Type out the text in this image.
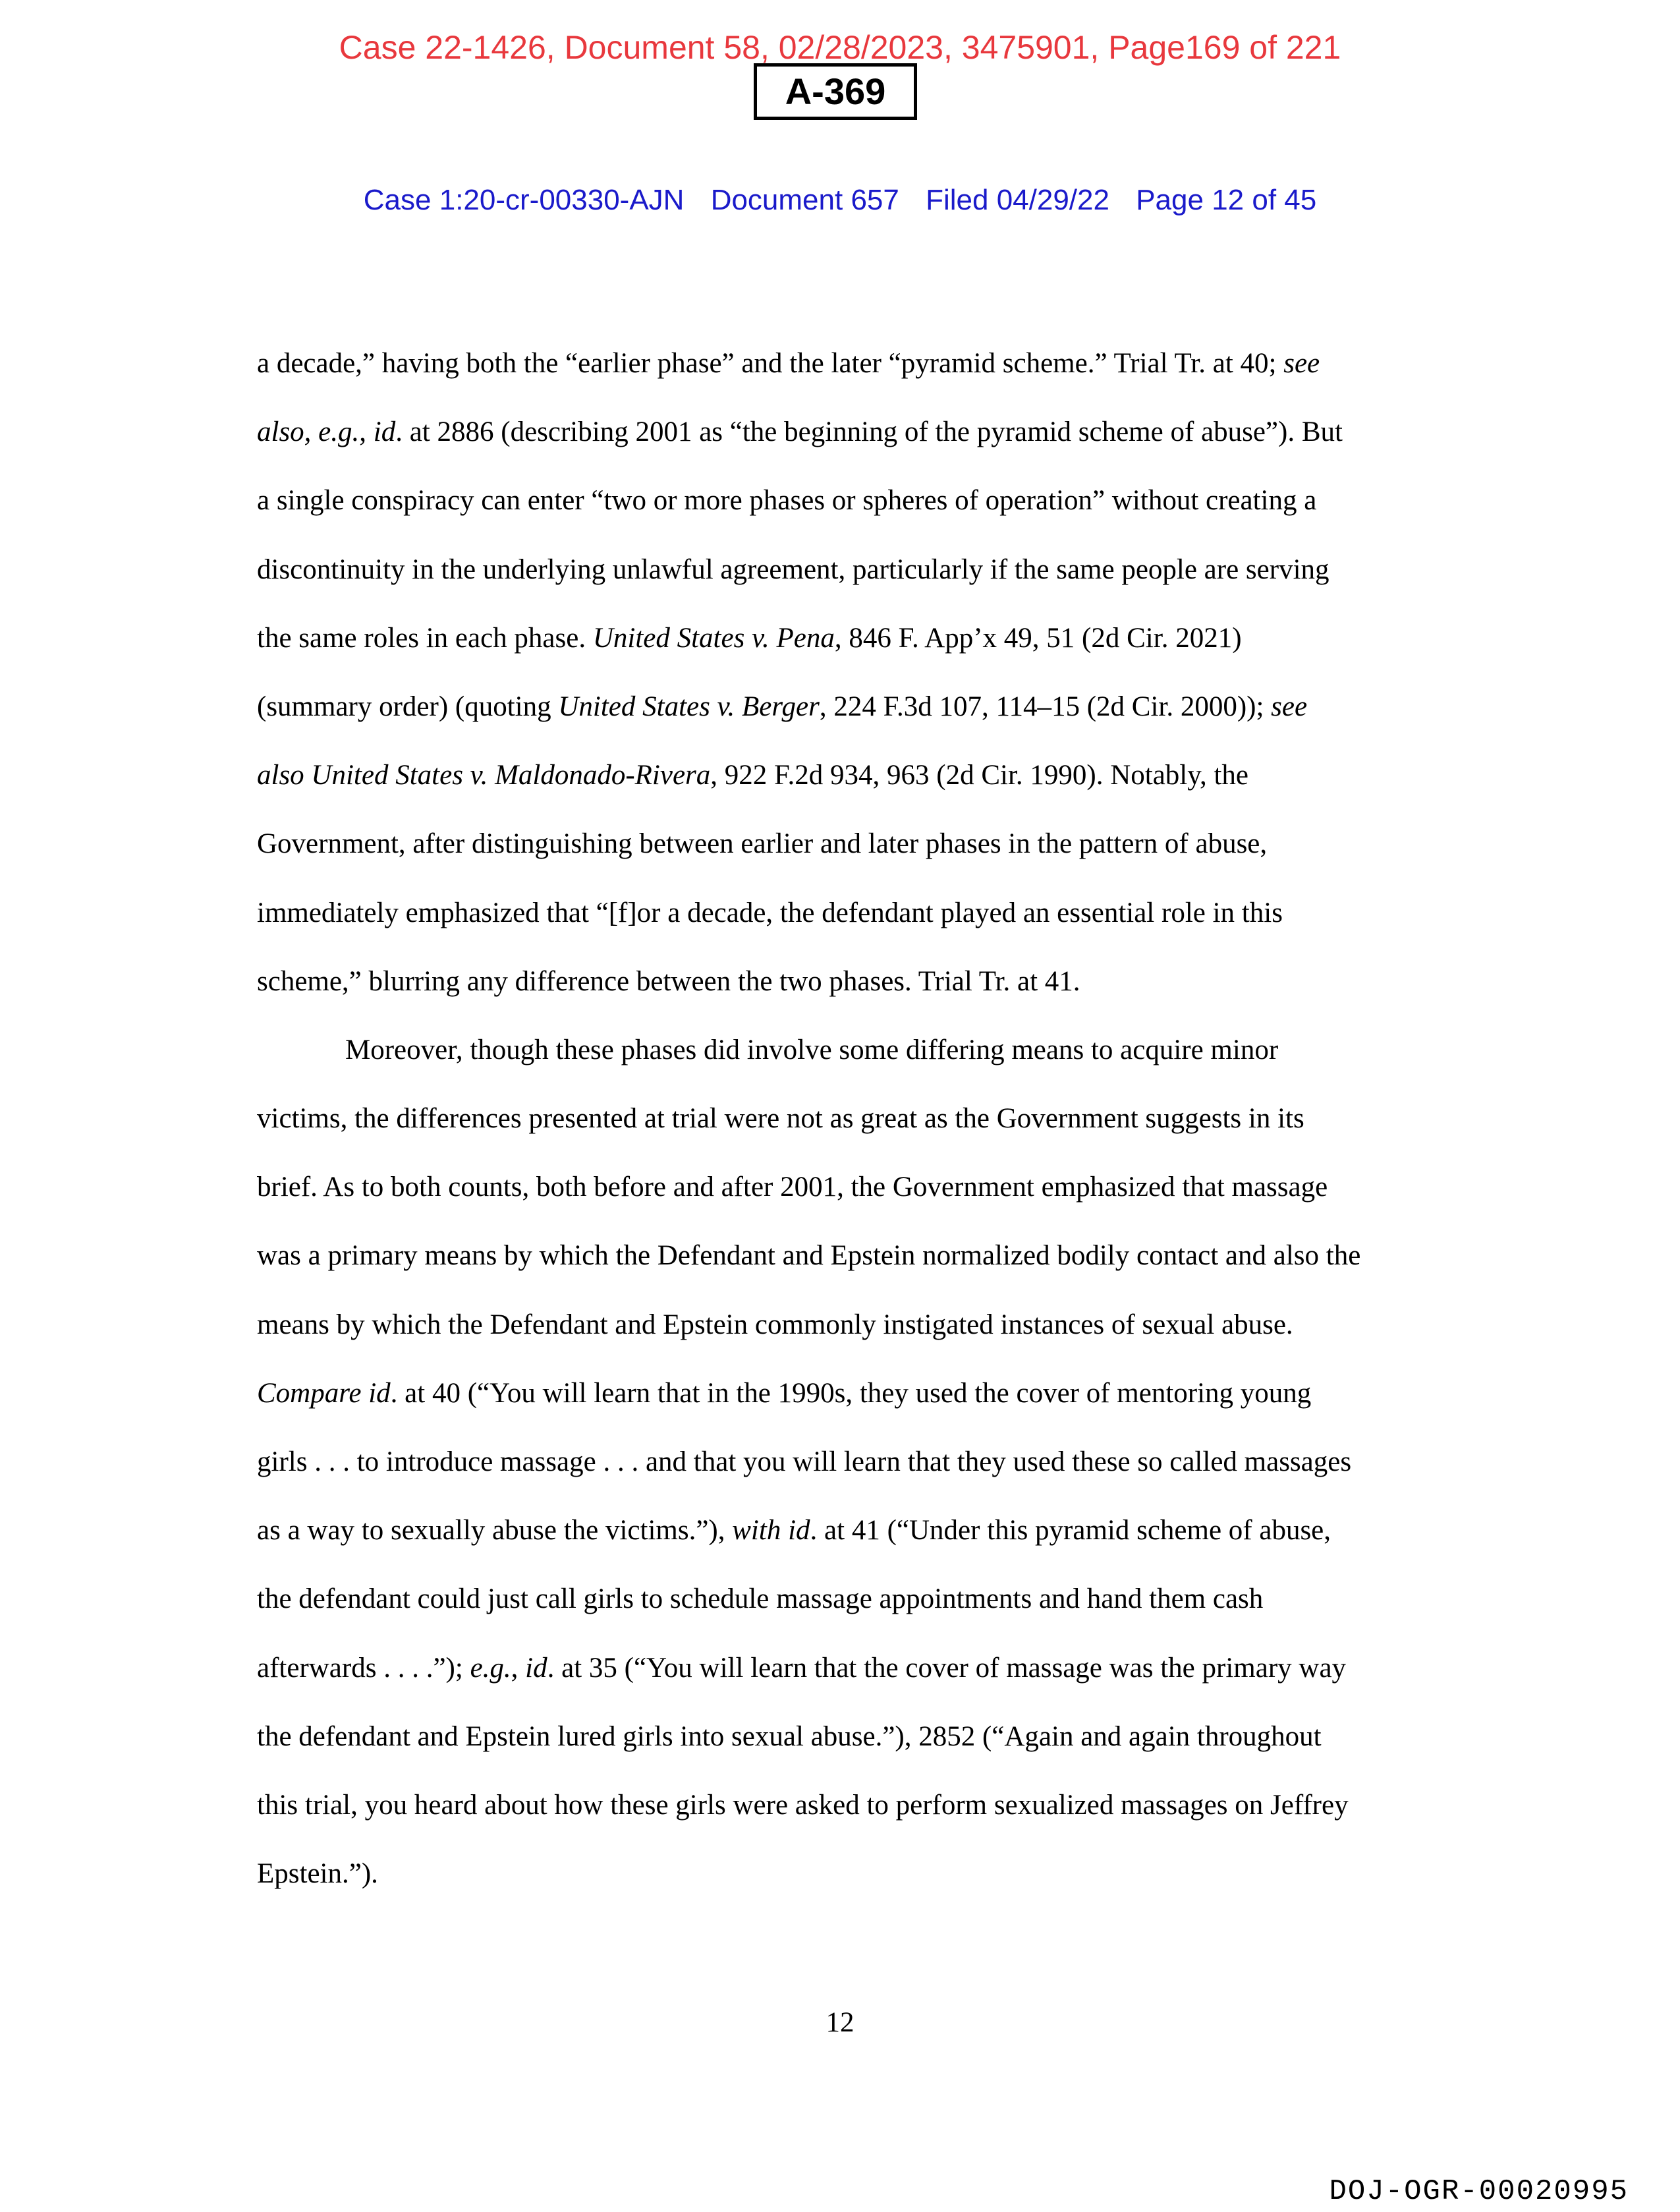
Case 22-1426, Document 58, 02/28/2023, 3475901, Page169 of 221
A-369
Case 1:20-cr-00330-AJN Document 657 Filed 04/29/22 Page 12 of 45
a decade,” having both the “earlier phase” and the later “pyramid scheme.” Trial Tr. at 40; see
also, e.g., id. at 2886 (describing 2001 as “the beginning of the pyramid scheme of abuse”). But
a single conspiracy can enter “two or more phases or spheres of operation” without creating a
discontinuity in the underlying unlawful agreement, particularly if the same people are serving
the same roles in each phase. United States v. Pena, 846 F. App’x 49, 51 (2d Cir. 2021)
(summary order) (quoting United States v. Berger, 224 F.3d 107, 114–15 (2d Cir. 2000)); see
also United States v. Maldonado-Rivera, 922 F.2d 934, 963 (2d Cir. 1990). Notably, the
Government, after distinguishing between earlier and later phases in the pattern of abuse,
immediately emphasized that “[f]or a decade, the defendant played an essential role in this
scheme,” blurring any difference between the two phases. Trial Tr. at 41.
Moreover, though these phases did involve some differing means to acquire minor
victims, the differences presented at trial were not as great as the Government suggests in its
brief. As to both counts, both before and after 2001, the Government emphasized that massage
was a primary means by which the Defendant and Epstein normalized bodily contact and also the
means by which the Defendant and Epstein commonly instigated instances of sexual abuse.
Compare id. at 40 (“You will learn that in the 1990s, they used the cover of mentoring young
girls . . . to introduce massage . . . and that you will learn that they used these so called massages
as a way to sexually abuse the victims.”), with id. at 41 (“Under this pyramid scheme of abuse,
the defendant could just call girls to schedule massage appointments and hand them cash
afterwards . . . .”); e.g., id. at 35 (“You will learn that the cover of massage was the primary way
the defendant and Epstein lured girls into sexual abuse.”), 2852 (“Again and again throughout
this trial, you heard about how these girls were asked to perform sexualized massages on Jeffrey
Epstein.”).
12
DOJ-OGR-00020995
